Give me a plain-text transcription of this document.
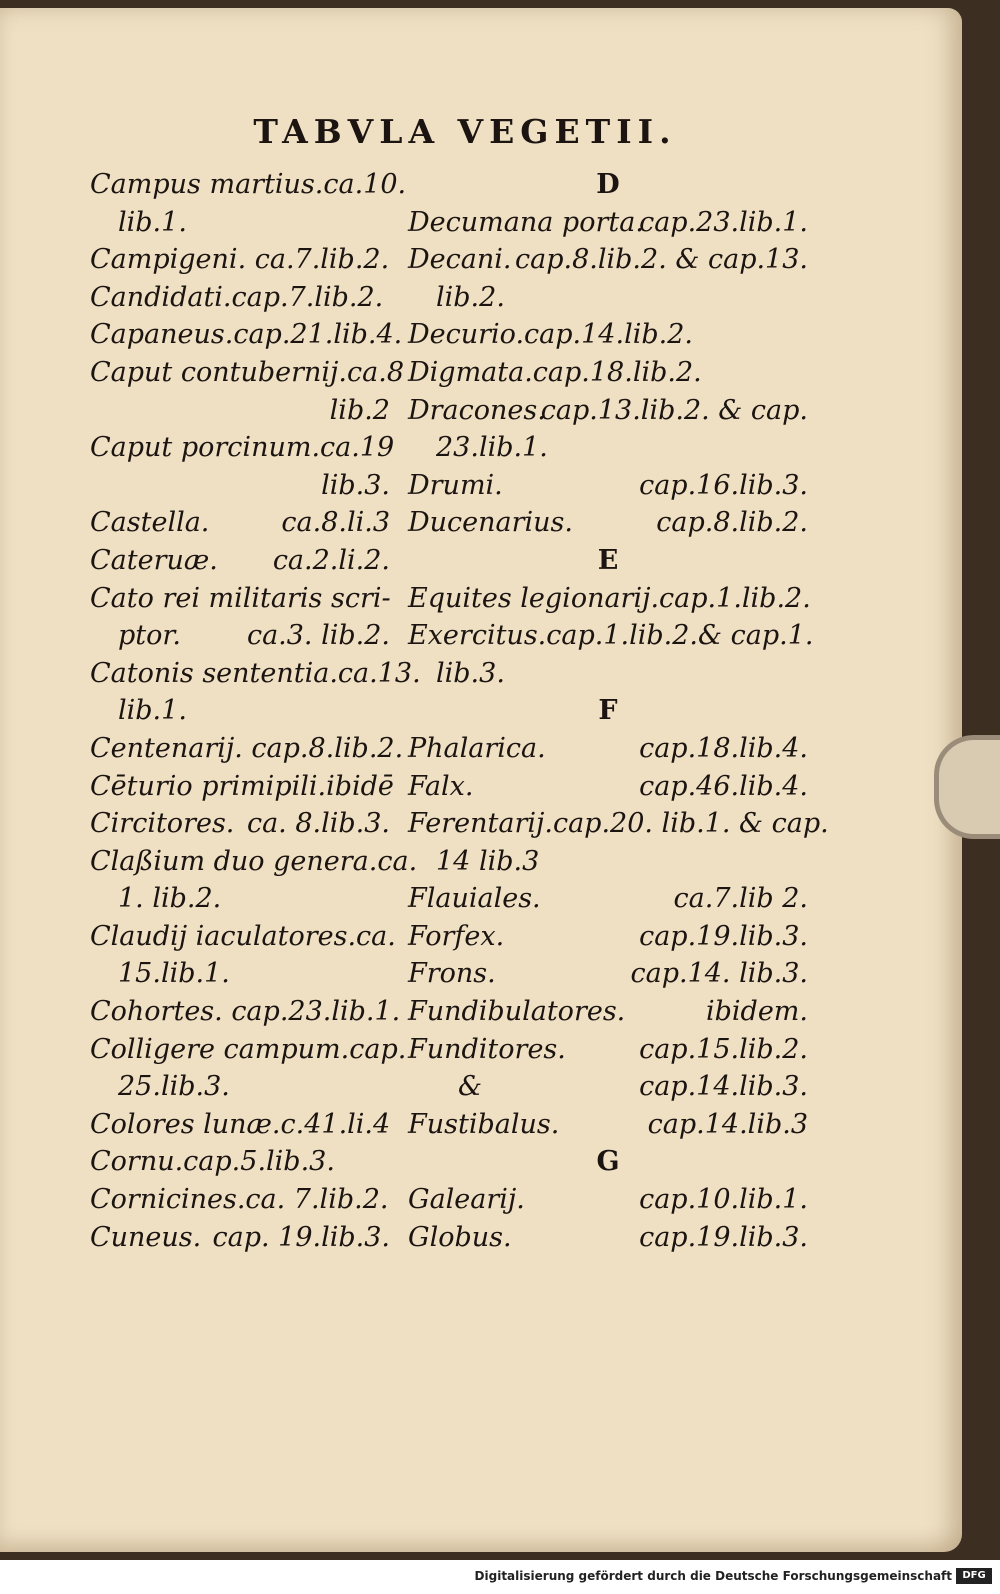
TABVLA VEGETII.
Campus martius.ca.10.
lib.1.
Campigeni. ca.7.lib.2.
Candidati.cap.7.lib.2.
Capaneus.cap.21.lib.4.
Caput contubernij.ca.8
lib.2
Caput porcinum.ca.19
lib.3.
Castella.	ca.8.li.3
Cateruæ. ca.2.li.2.
Cato rei militaris scri-
ptor. ca.3. lib.2.
Catonis sententia.ca.13.
lib.1.
Centenarij. cap.8.lib.2.
Cēturio primipili.ibidē
Circitores. ca. 8.lib.3.
Claßium duo genera.ca.
1. lib.2.
Claudij iaculatores.ca.
15.lib.1.
Cohortes. cap.23.lib.1.
Colligere campum.cap.
25.lib.3.
Colores lunæ.c.41.li.4
Cornu.cap.5.lib.3.
Cornicines.ca. 7.lib.2.
Cuneus. cap. 19.lib.3.
D
Decumana porta.
cap.23.lib.1.
Decani. cap.8.lib.2. & cap.13.
lib.2.
Decurio.cap.14.lib.2.
Digmata.cap.18.lib.2.
Dracones.
cap.13.lib.2. & cap.
23.lib.1.
Drumi.	cap.16.lib.3.
Ducenarius.	cap.8.lib.2.
E
Equites legionarij.cap.1.lib.2.
Exercitus.cap.1.lib.2.& cap.1.
lib.3.
F
Phalarica.	cap.18.lib.4.
Falx.	cap.46.lib.4.
Ferentarij.cap.20. lib.1. & cap.
14 lib.3
Flauiales.	ca.7.lib 2.
Forfex.	cap.19.lib.3.
Frons.	cap.14. lib.3.
Fundibulatores.	ibidem.
Funditores.	cap.15.lib.2.
&	cap.14.lib.3.
Fustibalus.	cap.14.lib.3
G
Galearij.	cap.10.lib.1.
Globus.	cap.19.lib.3.
Digitalisierung gefördert durch die Deutsche Forschungsgemeinschaft	DFG
